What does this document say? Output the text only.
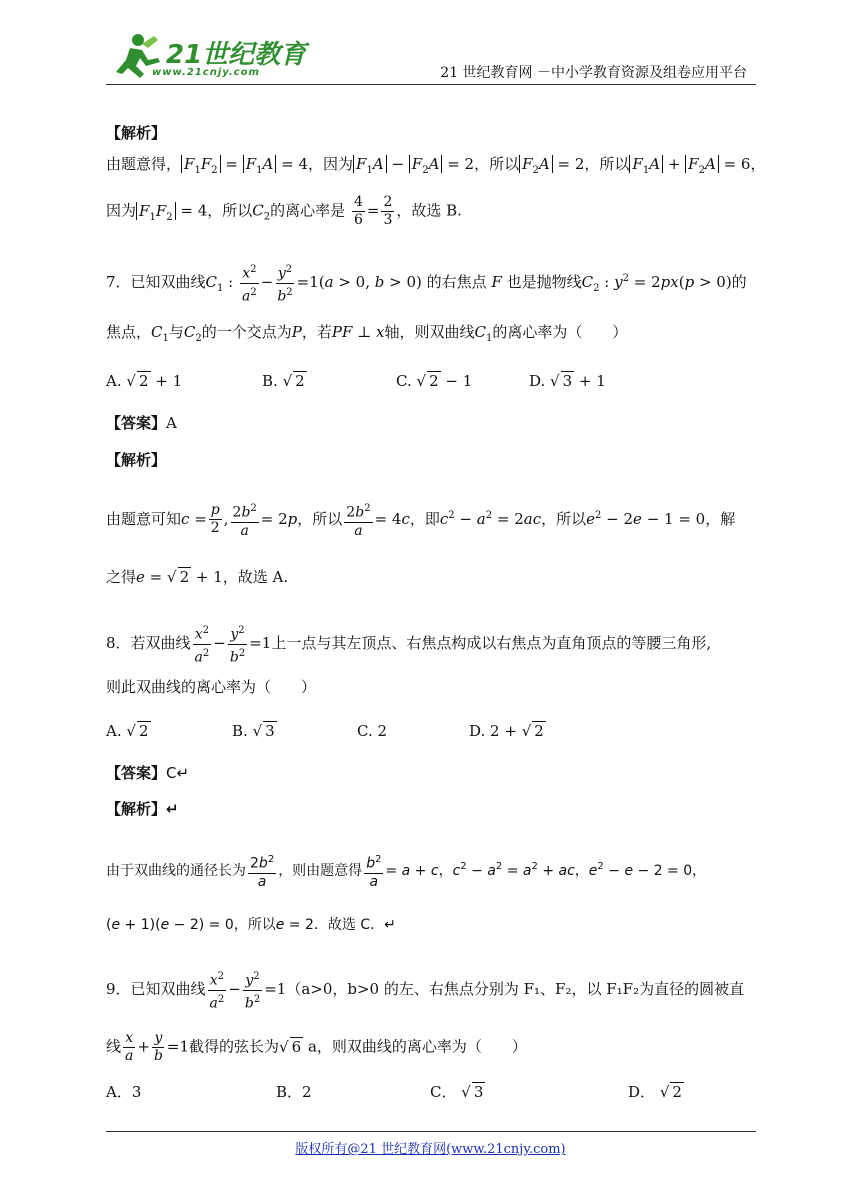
21世纪教育
www.21cnjy.com	21 世纪教育网 －中小学教育资源及组卷应用平台
【解析】
由题意得， $F_1F_2 = F_1A = 4$，因为 $F_1A - F_2A = 2$，所以 $F_2A = 2$，所以 $F_1A + F_2A = 6$，
因为 $F_1F_2 = 4$，所以$C_2$的离心率是 $\frac{4}{6} = \frac{2}{3}$ ，故选 B.
7．已知双曲线$C_1$ : $\frac{x^2}{a^2} - \frac{y^2}{b^2} =1(a > 0$, b > 0) 的右焦点 F 也是抛物线$C_2$ : $y^2 = 2px(p > 0)$的
焦点，$C_1$与$C_2$的一个交点为P，若PF ⊥ x轴，则双曲线$C_1$的离心率为（　　）
A. √ 2 + 1	B. √ 2	C. √ 2 − 1	D. √ 3 + 1
【答案】A
【解析】
由题意可知$c = \frac{p}{2}$ , $\frac{2b^2}{a} = 2p$，所以 $\frac{2b^2}{a} = 4c$，即$c^2 - a^2 = 2ac$，所以$e^2 - 2e - 1 = 0$，解
之得e = √ 2 + 1，故选 A.
8．若双曲线 $\frac{x^2}{a^2} - \frac{y^2}{b^2} =1$上一点与其左顶点、右焦点构成以右焦点为直角顶点的等腰三角形,
则此双曲线的离心率为（　　）
A. √ 2	B. √ 3	C. 2	D. 2 + √ 2
【答案】C↵
【解析】↵
由于双曲线的通径长为 $\frac{2b^2}{a}$ ，则由题意得 $\frac{b^2}{a} = a + c$，$c^2 - a^2 = a^2$ + ac，$e^2 - e - 2 = 0$，
(e + 1)(e − 2) = 0，所以e = 2．故选 C．↵
9．已知双曲线 $\frac{x^2}{a^2} - \frac{y^2}{b^2} =1(a>0$，b>0 的左、右焦点分别为 F₁、F₂，以 F₁F₂为直径的圆被直
线 $\frac{x}{a} + \frac{y}{b} =1$截得的弦长为√ 6 a，则双曲线的离心率为（　　）
A．3	B．2	C． √ 3	D． √ 2
版权所有@21 世纪教育网(www.21cnjy.com)
